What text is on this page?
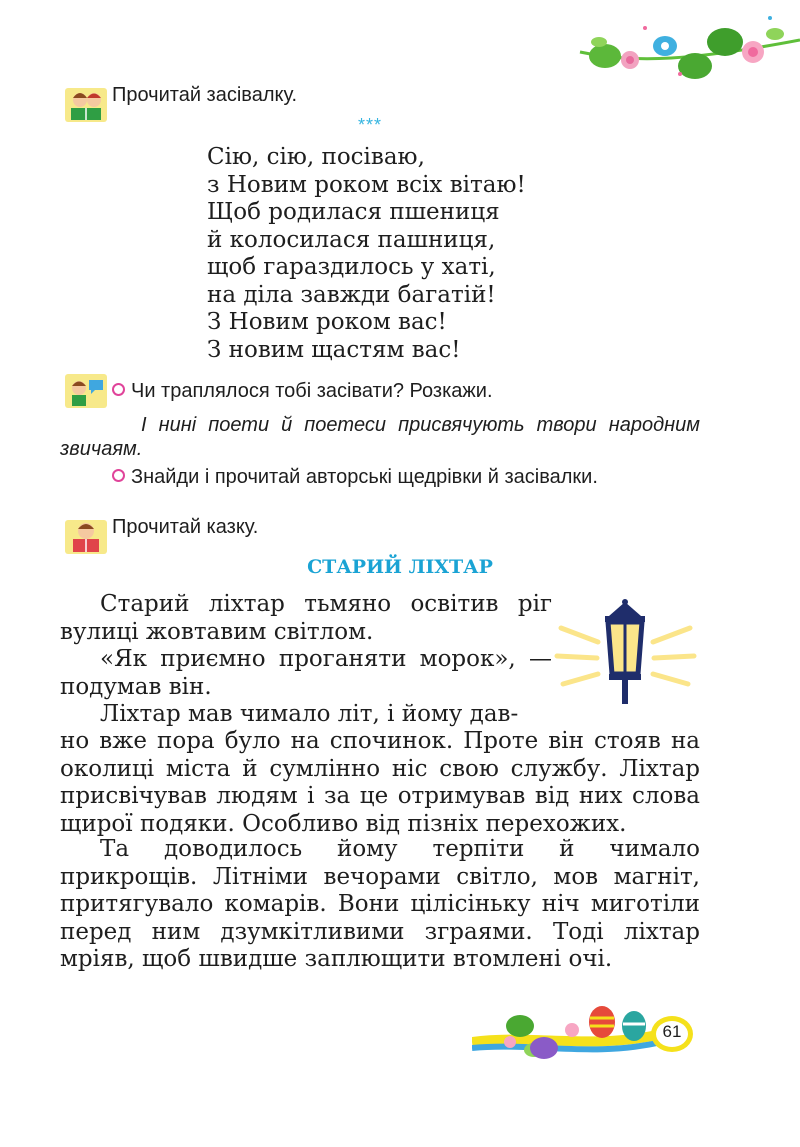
Прочитай засівалку.
***
Сію, сію, посіваю,
з Новим роком всіх вітаю!
Щоб родилася пшениця
й колосилася пашниця,
щоб гараздилось у хаті,
на діла завжди багатій!
З Новим роком вас!
З новим щастям вас!
Чи траплялося тобі засівати? Розкажи.
І нині поети й поетеси присвячують твори народним звичаям.
Знайди і прочитай авторські щедрівки й засівалки.
Прочитай казку.
СТАРИЙ ЛІХТАР
Старий ліхтар тьмяно освітив ріг вулиці жовтавим світлом.
«Як приємно проганяти морок», — подумав він.
Ліхтар мав чимало літ, і йому дав-
но вже пора було на спочинок. Проте він стояв на околиці міста й сумлінно ніс свою службу. Ліхтар присвічував людям і за це отримував від них слова щирої подяки. Особливо від пізніх перехожих.
Та доводилось йому терпіти й чимало прикрощів. Літніми вечорами світло, мов магніт, притягувало комарів. Вони цілісіньку ніч миготіли перед ним дзумкітливими зграями. Тоді ліхтар мріяв, щоб швидше заплющити втомлені очі.
61
